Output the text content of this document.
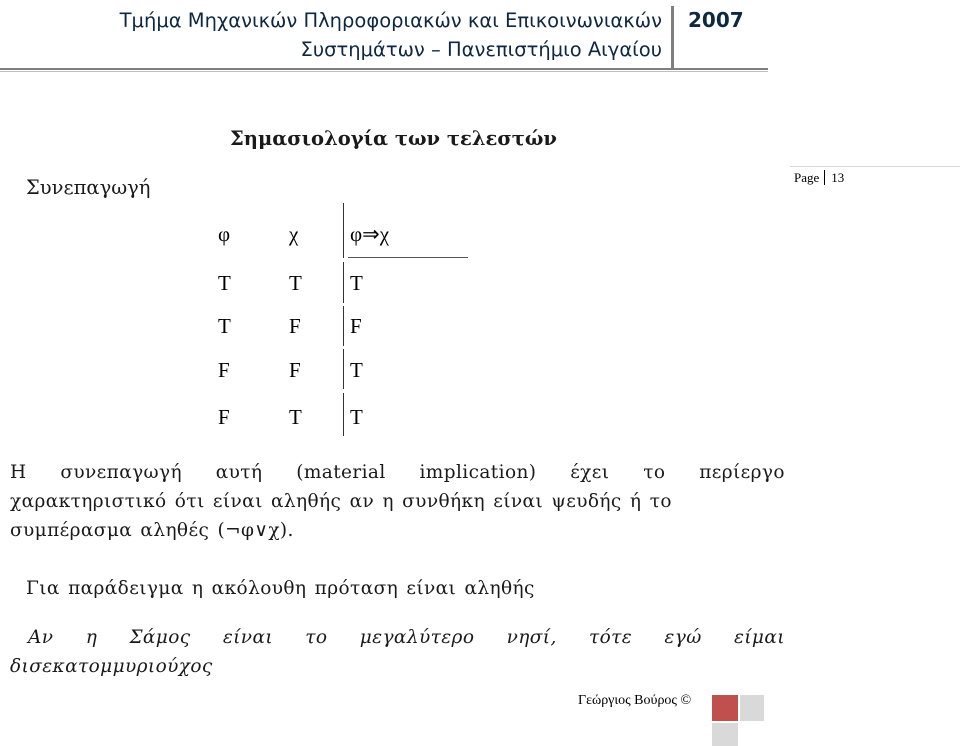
Τμήμα Μηχανικών Πληροφοριακών και Επικοινωνιακών
Συστημάτων – Πανεπιστήμιο Αιγαίου
2007
Σημασιολογία των τελεστών
Συνεπαγωγή	Page 13
φ	χ φ⇒χ
T	T T
T	F F
F	F T
F	T T
Η συνεπαγωγή αυτή (material implication) έχει το περίεργο
χαρακτηριστικό ότι είναι αληθής αν η συνθήκη είναι ψευδής ή το
συμπέρασμα αληθές (¬φ∨χ).
Για παράδειγμα η ακόλουθη πρόταση είναι αληθής
Αν η Σάμος είναι το μεγαλύτερο νησί, τότε εγώ είμαι
δισεκατομμυριούχος
Γεώργιος Βούρος ©
